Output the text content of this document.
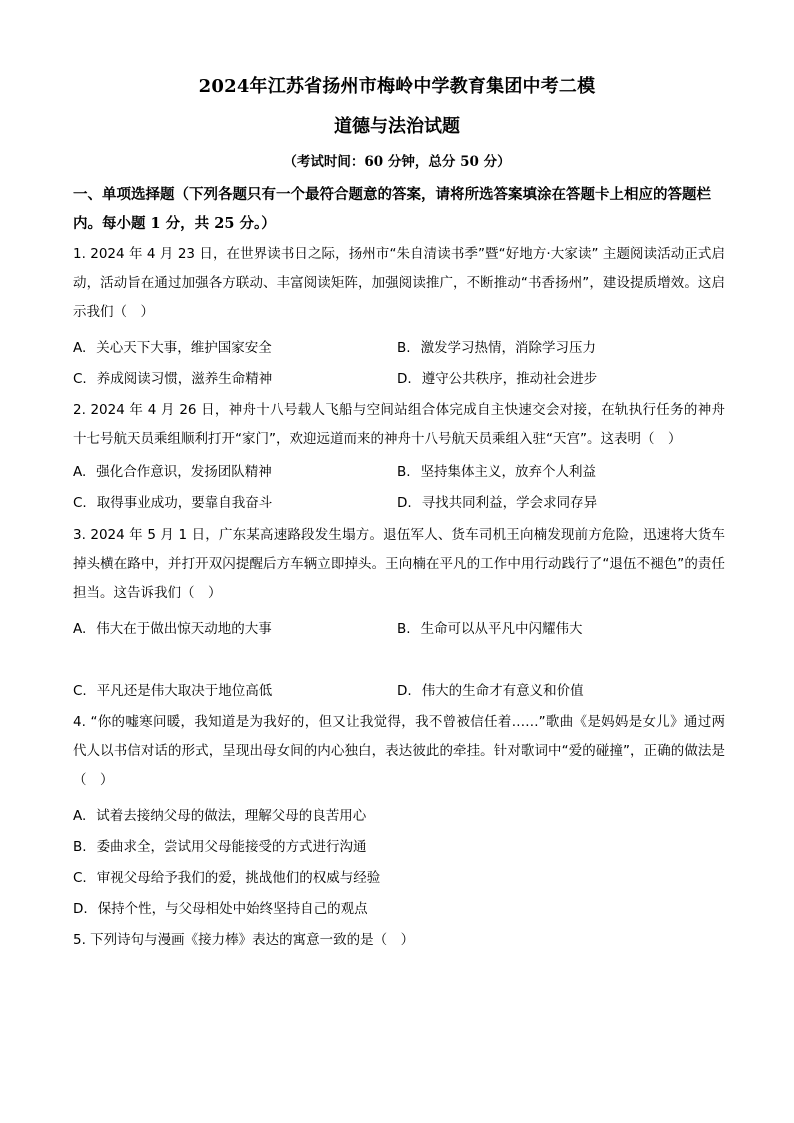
2024年江苏省扬州市梅岭中学教育集团中考二模
道德与法治试题
（考试时间：60 分钟，总分 50 分）
一、单项选择题（下列各题只有一个最符合题意的答案，请将所选答案填涂在答题卡上相应的答题栏内。每小题 1 分，共 25 分。）
1. 2024 年 4 月 23 日，在世界读书日之际，扬州市“朱自清读书季”暨“好地方·大家读” 主题阅读活动正式启动，活动旨在通过加强各方联动、丰富阅读矩阵，加强阅读推广，不断推动“书香扬州”，建设提质增效。这启示我们（　）
A. 关心天下大事，维护国家安全	B. 激发学习热情，消除学习压力
C. 养成阅读习惯，滋养生命精神	D. 遵守公共秩序，推动社会进步
2. 2024 年 4 月 26 日，神舟十八号载人飞船与空间站组合体完成自主快速交会对接，在轨执行任务的神舟十七号航天员乘组顺利打开“家门”，欢迎远道而来的神舟十八号航天员乘组入驻“天宫”。这表明（　）
A. 强化合作意识，发扬团队精神	B. 坚持集体主义，放弃个人利益
C. 取得事业成功，要靠自我奋斗	D. 寻找共同利益，学会求同存异
3. 2024 年 5 月 1 日，广东某高速路段发生塌方。退伍军人、货车司机王向楠发现前方危险，迅速将大货车掉头横在路中，并打开双闪提醒后方车辆立即掉头。王向楠在平凡的工作中用行动践行了“退伍不褪色”的责任担当。这告诉我们（　）
A. 伟大在于做出惊天动地的大事	B. 生命可以从平凡中闪耀伟大
C. 平凡还是伟大取决于地位高低	D. 伟大的生命才有意义和价值
4. “你的嘘寒问暖，我知道是为我好的，但又让我觉得，我不曾被信任着……”歌曲《是妈妈是女儿》通过两代人以书信对话的形式，呈现出母女间的内心独白，表达彼此的牵挂。针对歌词中“爱的碰撞”，正确的做法是（　）
A. 试着去接纳父母的做法，理解父母的良苦用心
B. 委曲求全，尝试用父母能接受的方式进行沟通
C. 审视父母给予我们的爱，挑战他们的权威与经验
D. 保持个性，与父母相处中始终坚持自己的观点
5. 下列诗句与漫画《接力棒》表达的寓意一致的是（　）
